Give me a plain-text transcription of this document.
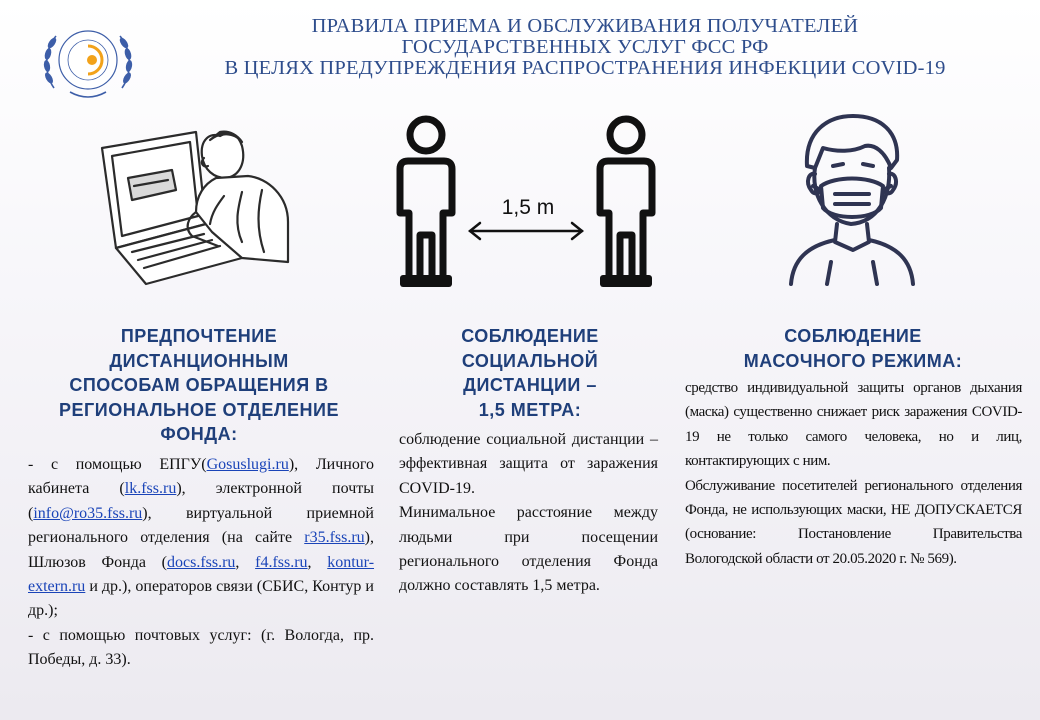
ПРАВИЛА ПРИЕМА И ОБСЛУЖИВАНИЯ ПОЛУЧАТЕЛЕЙ
ГОСУДАРСТВЕННЫХ УСЛУГ ФСС РФ
В ЦЕЛЯХ ПРЕДУПРЕЖДЕНИЯ РАСПРОСТРАНЕНИЯ ИНФЕКЦИИ COVID-19
1,5 m
ПРЕДПОЧТЕНИЕ
ДИСТАНЦИОННЫМ
СПОСОБАМ ОБРАЩЕНИЯ В
РЕГИОНАЛЬНОЕ ОТДЕЛЕНИЕ
ФОНДА:

- с помощью ЕПГУ(Gosuslugi.ru), Личного кабинета (lk.fss.ru), электронной почты (info@ro35.fss.ru), виртуальной приемной регионального отделения (на сайте r35.fss.ru), Шлюзов Фонда (docs.fss.ru, f4.fss.ru, kontur-extern.ru и др.), операторов связи (СБИС, Контур и др.);

- с помощью почтовых услуг: (г. Вологда, пр. Победы, д. 33).

СОБЛЮДЕНИЕ
СОЦИАЛЬНОЙ
ДИСТАНЦИИ –
1,5 МЕТРА:

соблюдение социальной дистанции – эффективная защита от заражения COVID-19.

Минимальное расстояние между людьми при посещении регионального отделения Фонда должно составлять 1,5 метра.

СОБЛЮДЕНИЕ
МАСОЧНОГО РЕЖИМА:

средство индивидуальной защиты органов дыхания (маска) существенно снижает риск заражения COVID-19 не только самого человека, но и лиц, контактирующих с ним.

Обслуживание посетителей регионального отделения Фонда, не использующих маски, НЕ ДОПУСКАЕТСЯ (основание: Постановление Правительства Вологодской области от 20.05.2020 г. № 569).
